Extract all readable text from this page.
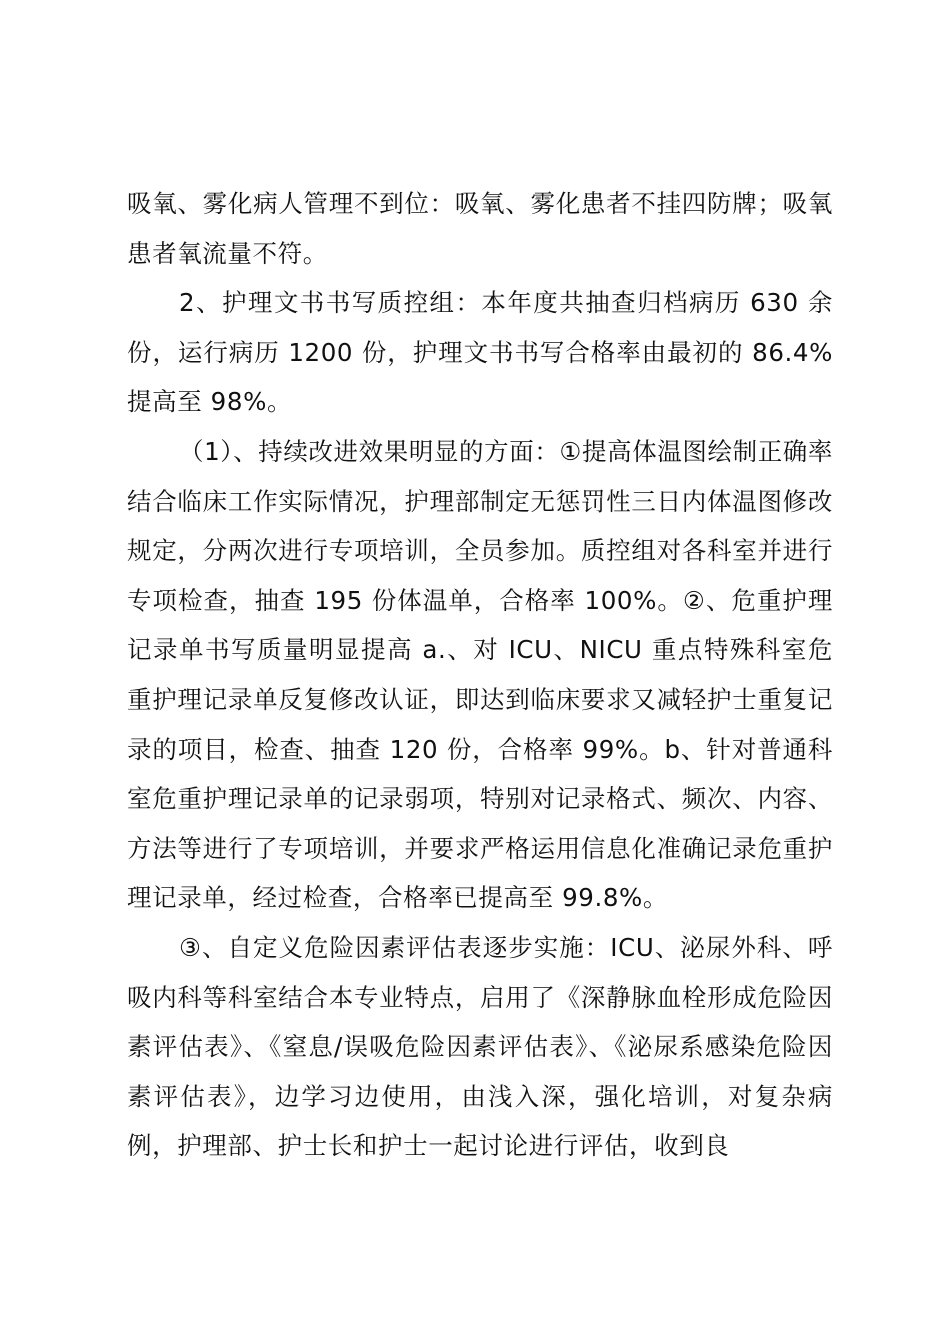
吸氧、雾化病人管理不到位：吸氧、雾化患者不挂四防牌；吸氧患者氧流量不符。

2、护理文书书写质控组：本年度共抽查归档病历 630 余份，运行病历 1200 份，护理文书书写合格率由最初的 86.4%提高至 98%。

（1）、持续改进效果明显的方面：①提高体温图绘制正确率结合临床工作实际情况，护理部制定无惩罚性三日内体温图修改规定，分两次进行专项培训，全员参加。质控组对各科室并进行专项检查，抽查 195 份体温单，合格率 100%。②、危重护理记录单书写质量明显提高 a.、对 ICU、NICU 重点特殊科室危重护理记录单反复修改认证，即达到临床要求又减轻护士重复记录的项目，检查、抽查 120 份，合格率 99%。b、针对普通科室危重护理记录单的记录弱项，特别对记录格式、频次、内容、方法等进行了专项培训，并要求严格运用信息化准确记录危重护理记录单，经过检查，合格率已提高至 99.8%。

③、自定义危险因素评估表逐步实施：ICU、泌尿外科、呼吸内科等科室结合本专业特点，启用了《深静脉血栓形成危险因素评估表》、《窒息/误吸危险因素评估表》、《泌尿系感染危险因素评估表》，边学习边使用，由浅入深，强化培训，对复杂病例，护理部、护士长和护士一起讨论进行评估，收到良
